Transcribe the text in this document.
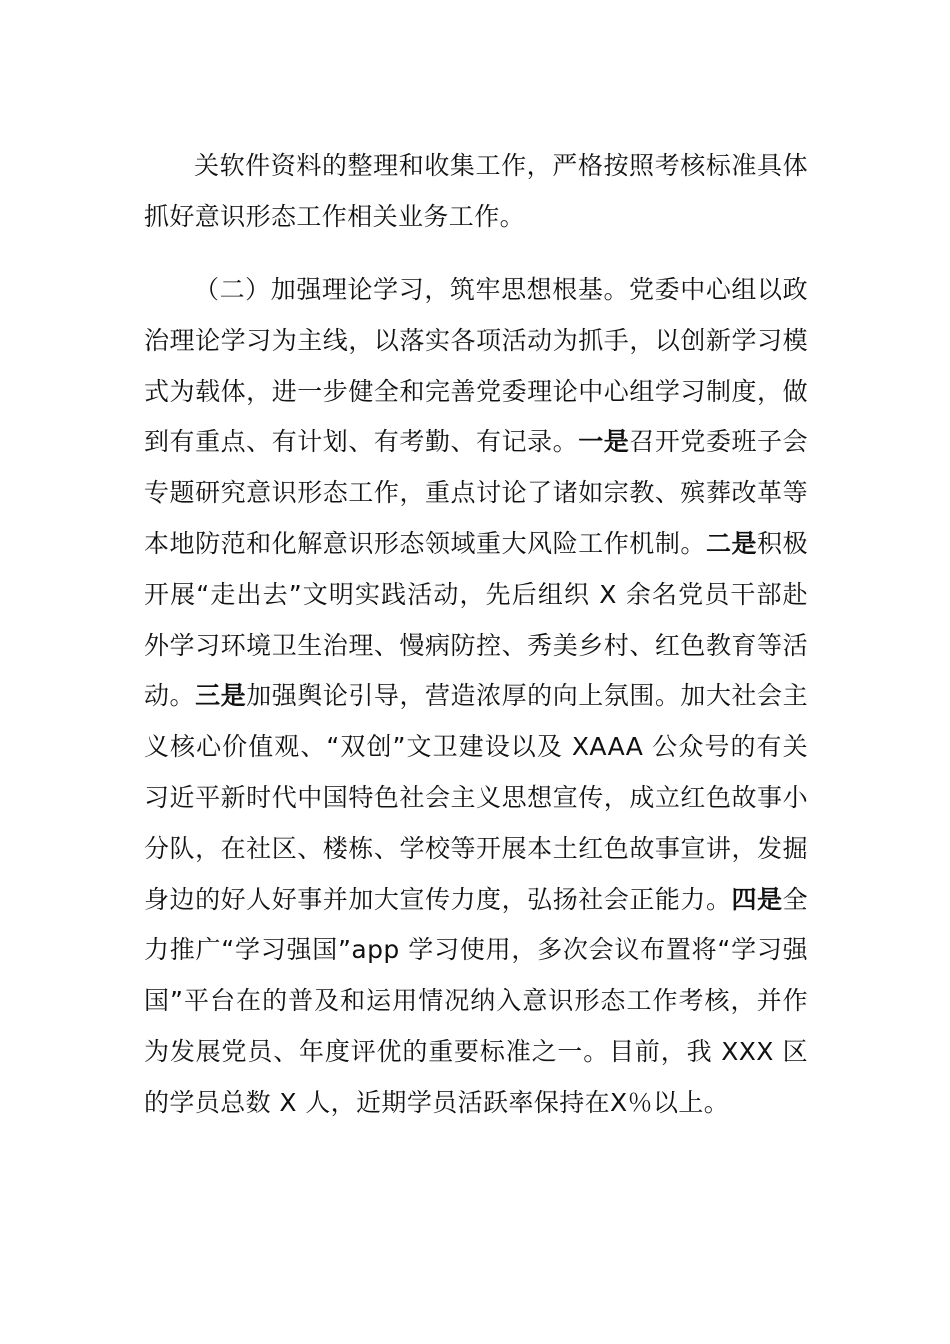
关软件资料的整理和收集工作，严格按照考核标准具体抓好意识形态工作相关业务工作。

（二）加强理论学习，筑牢思想根基。党委中心组以政治理论学习为主线，以落实各项活动为抓手，以创新学习模式为载体，进一步健全和完善党委理论中心组学习制度，做到有重点、有计划、有考勤、有记录。一是召开党委班子会专题研究意识形态工作，重点讨论了诸如宗教、殡葬改革等本地防范和化解意识形态领域重大风险工作机制。二是积极开展“走出去”文明实践活动，先后组织 X 余名党员干部赴外学习环境卫生治理、慢病防控、秀美乡村、红色教育等活动。三是加强舆论引导，营造浓厚的向上氛围。加大社会主义核心价值观、“双创”文卫建设以及 XAAA 公众号的有关习近平新时代中国特色社会主义思想宣传，成立红色故事小分队，在社区、楼栋、学校等开展本土红色故事宣讲，发掘身边的好人好事并加大宣传力度，弘扬社会正能力。四是全力推广“学习强国”app 学习使用，多次会议布置将“学习强国”平台在的普及和运用情况纳入意识形态工作考核，并作为发展党员、年度评优的重要标准之一。目前，我 XXX 区的学员总数 X 人，近期学员活跃率保持在X％以上。
